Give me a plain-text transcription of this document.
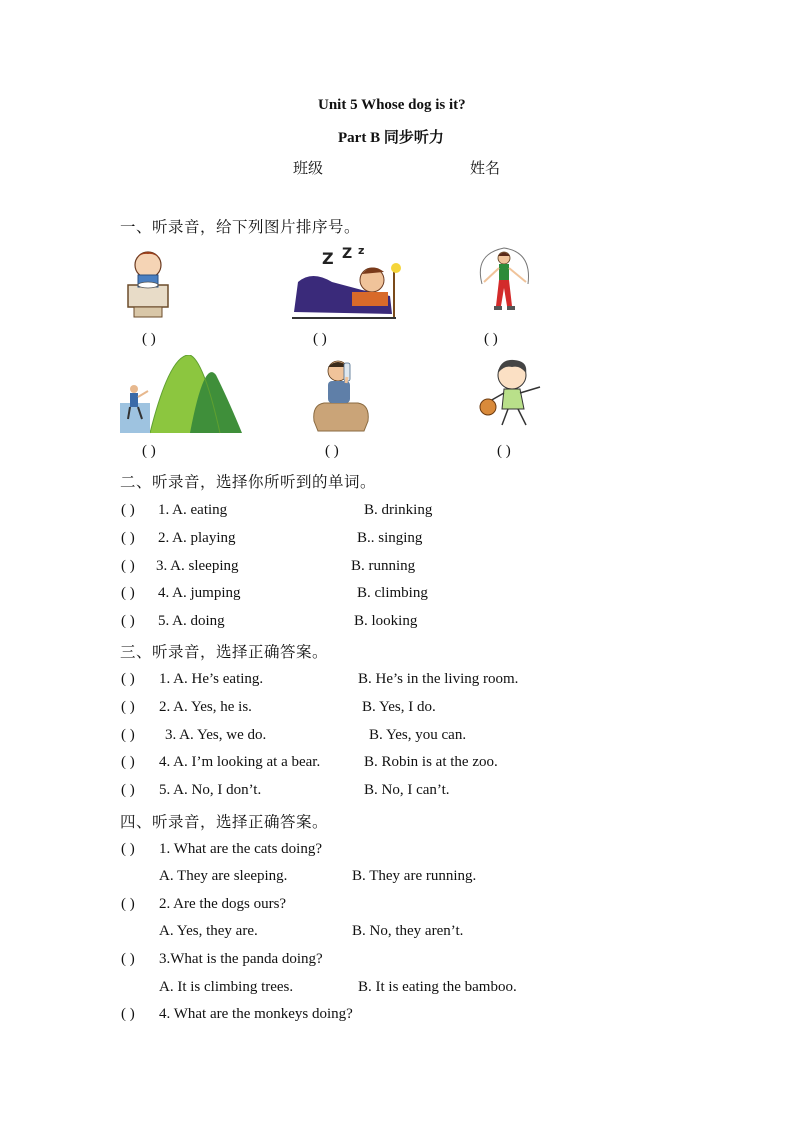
Unit 5 Whose dog is it?
Part B 同步听力
班级	姓名
一、听录音，给下列图片排序号。
Z Z z
( )	( )	( )
( )	( )	( )
二、听录音，选择你所听到的单词。
( ) 1. A. eating	B. drinking
( ) 2. A. playing	B.. singing
( ) 3. A. sleeping	B. running
( ) 4. A. jumping	B. climbing
( ) 5. A. doing	B. looking
三、听录音，选择正确答案。
( ) 1. A. He’s eating.	B. He’s in the living room.
( ) 2. A. Yes, he is.	B. Yes, I do.
( ) 3. A. Yes, we do.	B. Yes, you can.
( ) 4. A. I’m looking at a bear.	B. Robin is at the zoo.
( ) 5. A. No, I don’t.	B. No, I can’t.
四、听录音，选择正确答案。
( ) 1. What are the cats doing?
A. They are sleeping.	B. They are running.
( ) 2. Are the dogs ours?
A. Yes, they are.	B. No, they aren’t.
( ) 3.What is the panda doing?
A. It is climbing trees.	B. It is eating the bamboo.
( ) 4. What are the monkeys doing?
